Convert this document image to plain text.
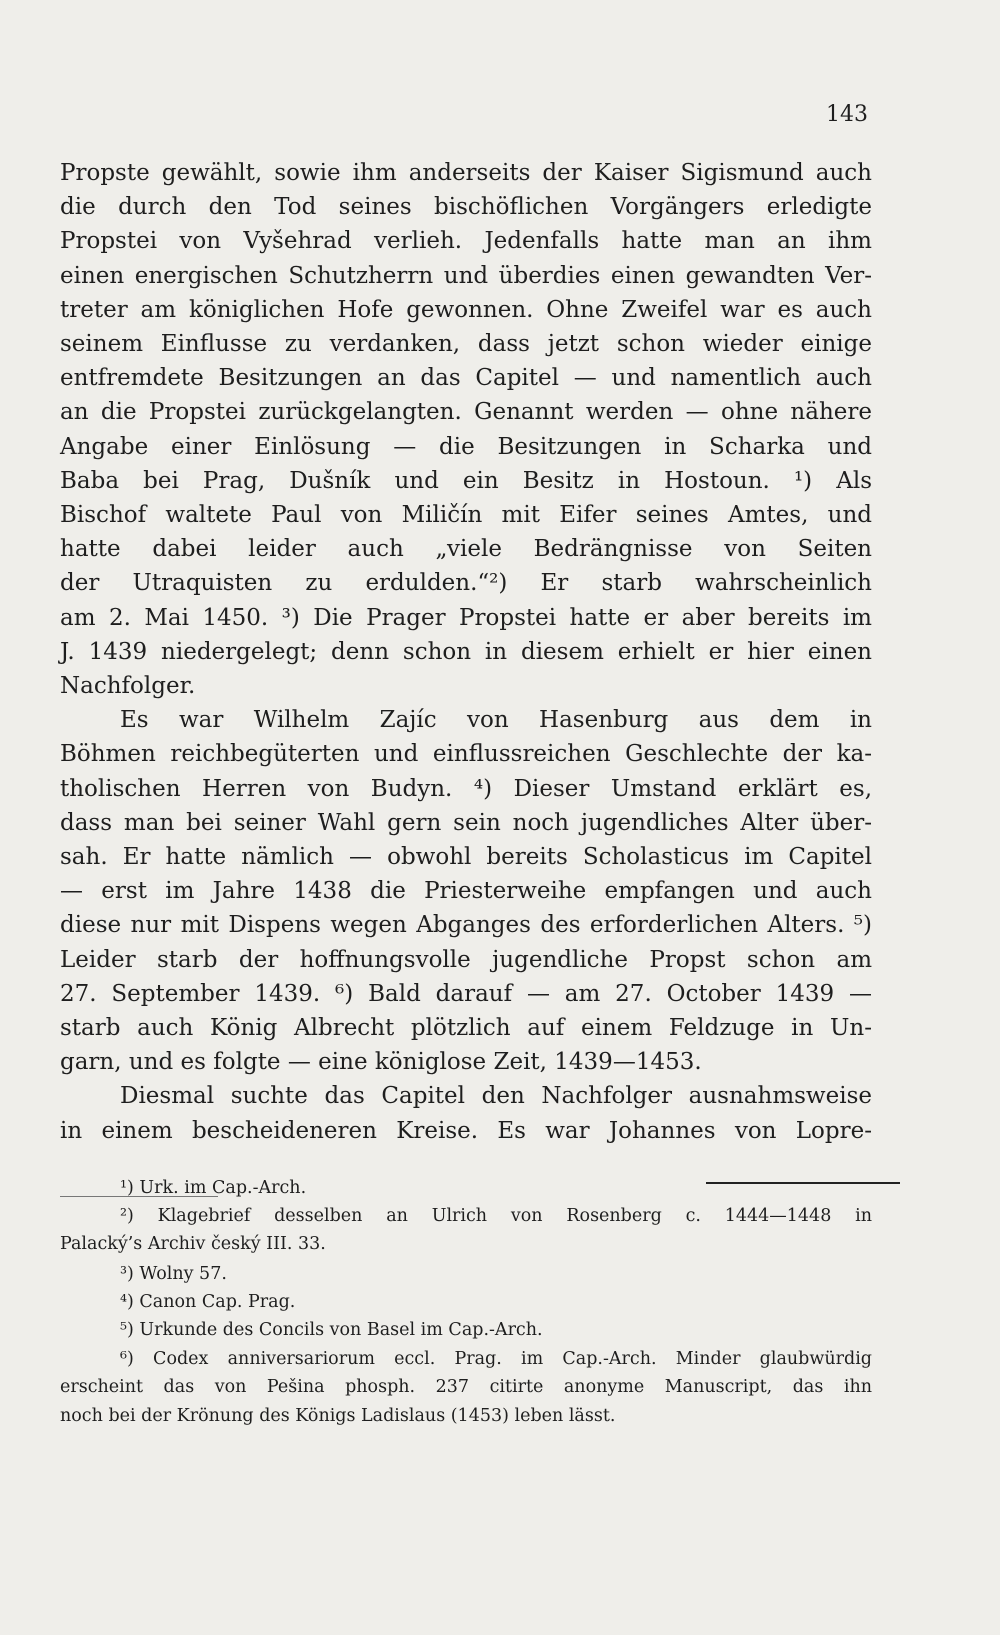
143
Propste gewählt, sowie ihm anderseits der Kaiser Sigismund auch
die durch den Tod seines bischöflichen Vorgängers erledigte
Propstei von Vyšehrad verlieh. Jedenfalls hatte man an ihm
einen energischen Schutzherrn und überdies einen gewandten Ver-
treter am königlichen Hofe gewonnen. Ohne Zweifel war es auch
seinem Einflusse zu verdanken, dass jetzt schon wieder einige
entfremdete Besitzungen an das Capitel — und namentlich auch
an die Propstei zurückgelangten. Genannt werden — ohne nähere
Angabe einer Einlösung — die Besitzungen in Scharka und
Baba bei Prag, Dušník und ein Besitz in Hostoun. ¹) Als
Bischof waltete Paul von Miličín mit Eifer seines Amtes, und
hatte dabei leider auch „viele Bedrängnisse von Seiten
der Utraquisten zu erdulden.“²) Er starb wahrscheinlich
am 2. Mai 1450. ³) Die Prager Propstei hatte er aber bereits im
J. 1439 niedergelegt; denn schon in diesem erhielt er hier einen
Nachfolger.
Es war Wilhelm Zajíc von Hasenburg aus dem in
Böhmen reichbegüterten und einflussreichen Geschlechte der ka-
tholischen Herren von Budyn. ⁴) Dieser Umstand erklärt es,
dass man bei seiner Wahl gern sein noch jugendliches Alter über-
sah. Er hatte nämlich — obwohl bereits Scholasticus im Capitel
— erst im Jahre 1438 die Priesterweihe empfangen und auch
diese nur mit Dispens wegen Abganges des erforderlichen Alters. ⁵)
Leider starb der hoffnungsvolle jugendliche Propst schon am
27. September 1439. ⁶) Bald darauf — am 27. October 1439 —
starb auch König Albrecht plötzlich auf einem Feldzuge in Un-
garn, und es folgte — eine königlose Zeit, 1439—1453.
Diesmal suchte das Capitel den Nachfolger ausnahmsweise
in einem bescheideneren Kreise. Es war Johannes von Lopre-
¹) Urk. im Cap.-Arch.
²) Klagebrief desselben an Ulrich von Rosenberg c. 1444—1448 in
Palacký’s Archiv český III. 33.
³) Wolny 57.
⁴) Canon Cap. Prag.
⁵) Urkunde des Concils von Basel im Cap.-Arch.
⁶) Codex anniversariorum eccl. Prag. im Cap.-Arch. Minder glaubwürdig
erscheint das von Pešina phosph. 237 citirte anonyme Manuscript, das ihn
noch bei der Krönung des Königs Ladislaus (1453) leben lässt.
